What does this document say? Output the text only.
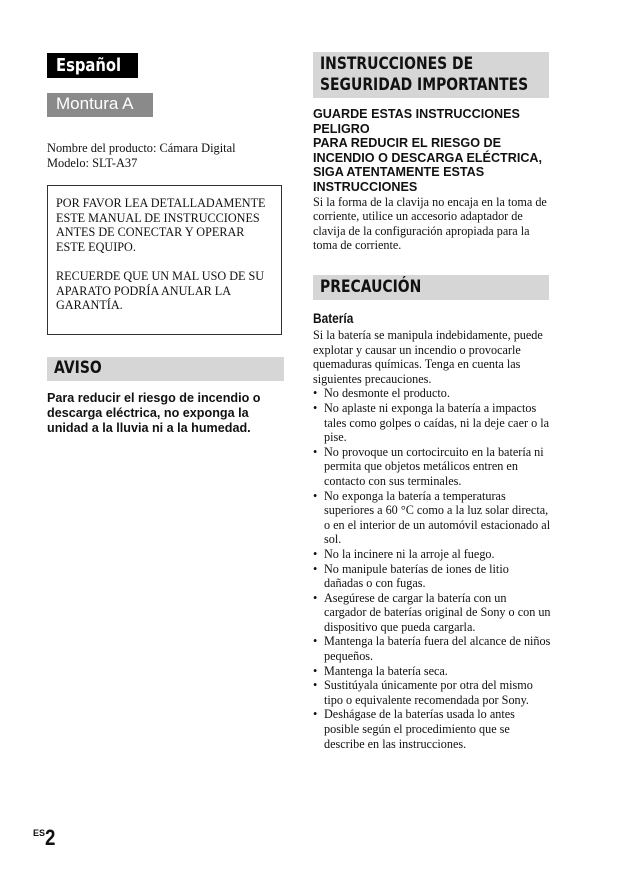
Español
Montura A
Nombre del producto: Cámara Digital
Modelo: SLT-A37

POR FAVOR LEA DETALLADAMENTE ESTE MANUAL DE INSTRUCCIONES ANTES DE CONECTAR Y OPERAR ESTE EQUIPO.

RECUERDE QUE UN MAL USO DE SU APARATO PODRÍA ANULAR LA GARANTÍA.

AVISO
Para reducir el riesgo de incendio o descarga eléctrica, no exponga la unidad a la lluvia ni a la humedad.
INSTRUCCIONES DE
SEGURIDAD IMPORTANTES
GUARDE ESTAS INSTRUCCIONES
PELIGRO
PARA REDUCIR EL RIESGO DE INCENDIO O DESCARGA ELÉCTRICA, SIGA ATENTAMENTE ESTAS INSTRUCCIONES
Si la forma de la clavija no encaja en la toma de corriente, utilice un accesorio adaptador de clavija de la configuración apropiada para la toma de corriente.
PRECAUCIÓN
Batería
Si la batería se manipula indebidamente, puede explotar y causar un incendio o provocarle quemaduras químicas. Tenga en cuenta las siguientes precauciones.
• No desmonte el producto.
• No aplaste ni exponga la batería a impactos tales como golpes o caídas, ni la deje caer o la pise.
• No provoque un cortocircuito en la batería ni permita que objetos metálicos entren en contacto con sus terminales.
• No exponga la batería a temperaturas superiores a 60 °C como a la luz solar directa, o en el interior de un automóvil estacionado al sol.
• No la incinere ni la arroje al fuego.
• No manipule baterías de iones de litio dañadas o con fugas.
• Asegúrese de cargar la batería con un cargador de baterías original de Sony o con un dispositivo que pueda cargarla.
• Mantenga la batería fuera del alcance de niños pequeños.
• Mantenga la batería seca.
• Sustitúyala únicamente por otra del mismo tipo o equivalente recomendada por Sony.
• Deshágase de la baterías usada lo antes posible según el procedimiento que se describe en las instrucciones.
ES 2
